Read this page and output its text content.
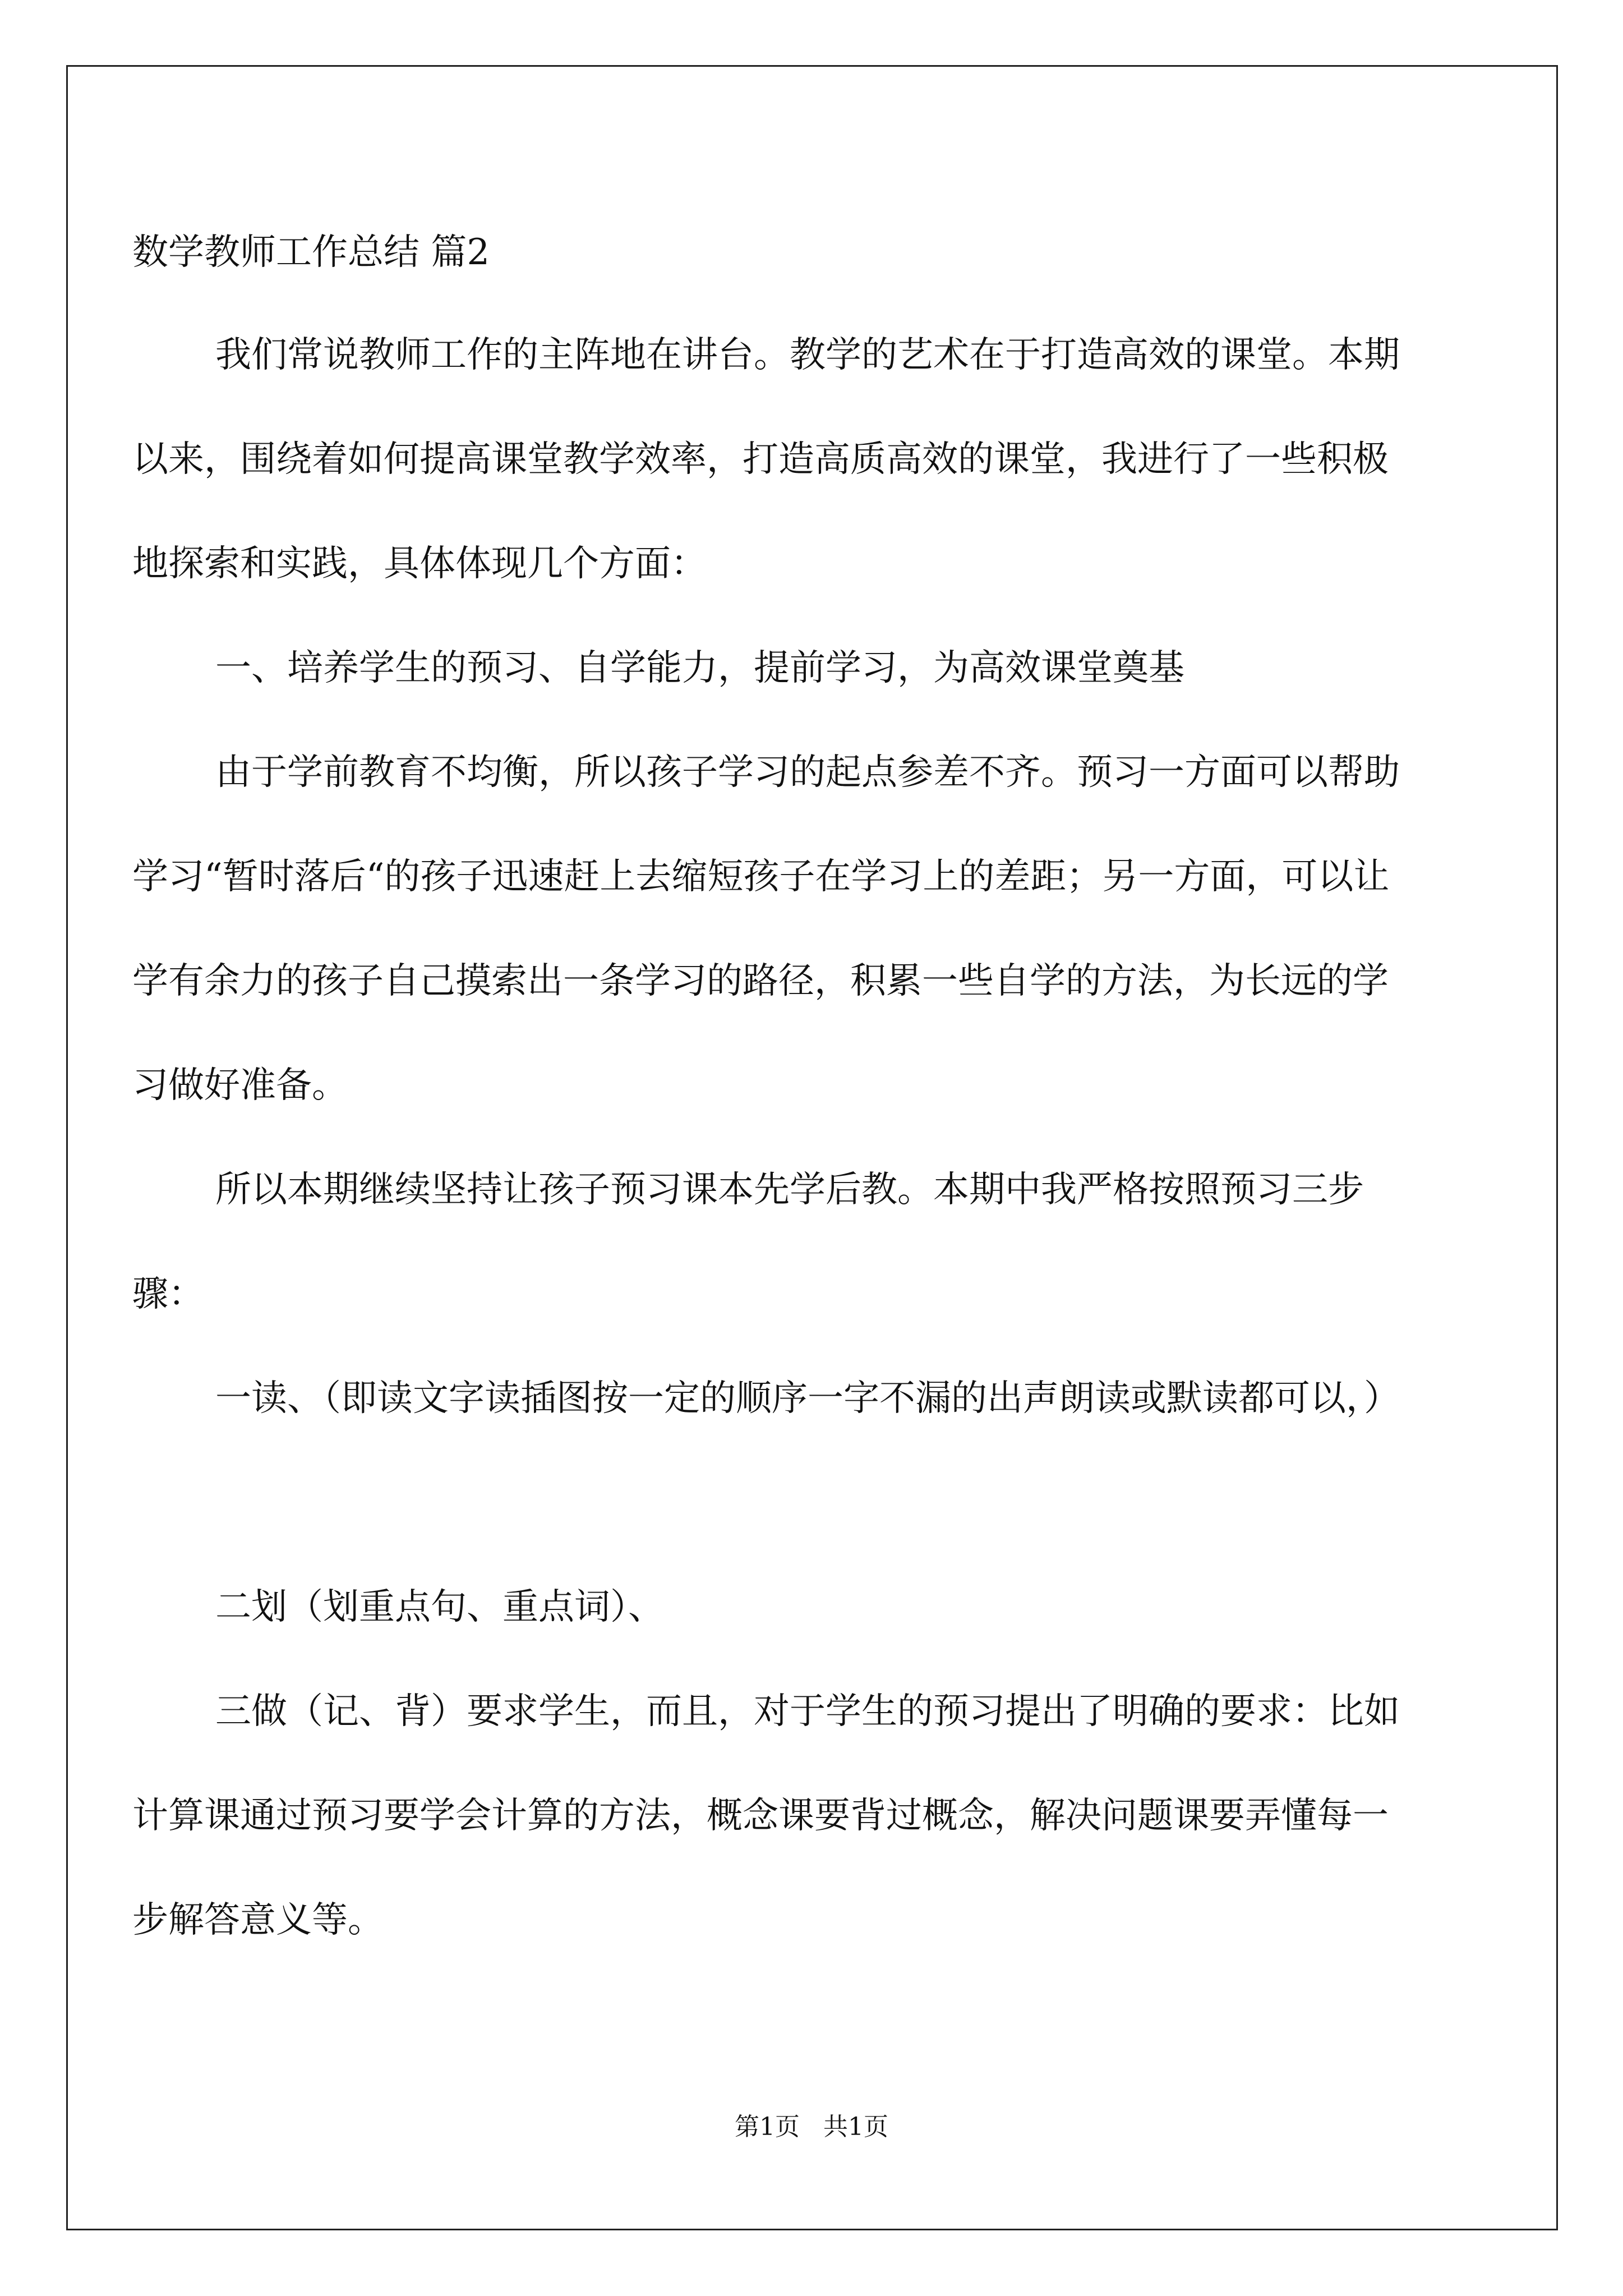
数学教师工作总结 篇2

我们常说教师工作的主阵地在讲台。教学的艺术在于打造高效的课堂。本期以来，围绕着如何提高课堂教学效率，打造高质高效的课堂，我进行了一些积极地探索和实践，具体体现几个方面：

一、培养学生的预习、自学能力，提前学习，为高效课堂奠基

由于学前教育不均衡，所以孩子学习的起点参差不齐。预习一方面可以帮助学习“暂时落后“的孩子迅速赶上去缩短孩子在学习上的差距；另一方面，可以让学有余力的孩子自己摸索出一条学习的路径，积累一些自学的方法，为长远的学习做好准备。

所以本期继续坚持让孩子预习课本先学后教。本期中我严格按照预习三步骤：

一读、（即读文字读插图按一定的顺序一字不漏的出声朗读或默读都可以，）

二划（划重点句、重点词）、

三做（记、背）要求学生，而且，对于学生的预习提出了明确的要求：比如计算课通过预习要学会计算的方法，概念课要背过概念，解决问题课要弄懂每一步解答意义等。

第1页   共1页
